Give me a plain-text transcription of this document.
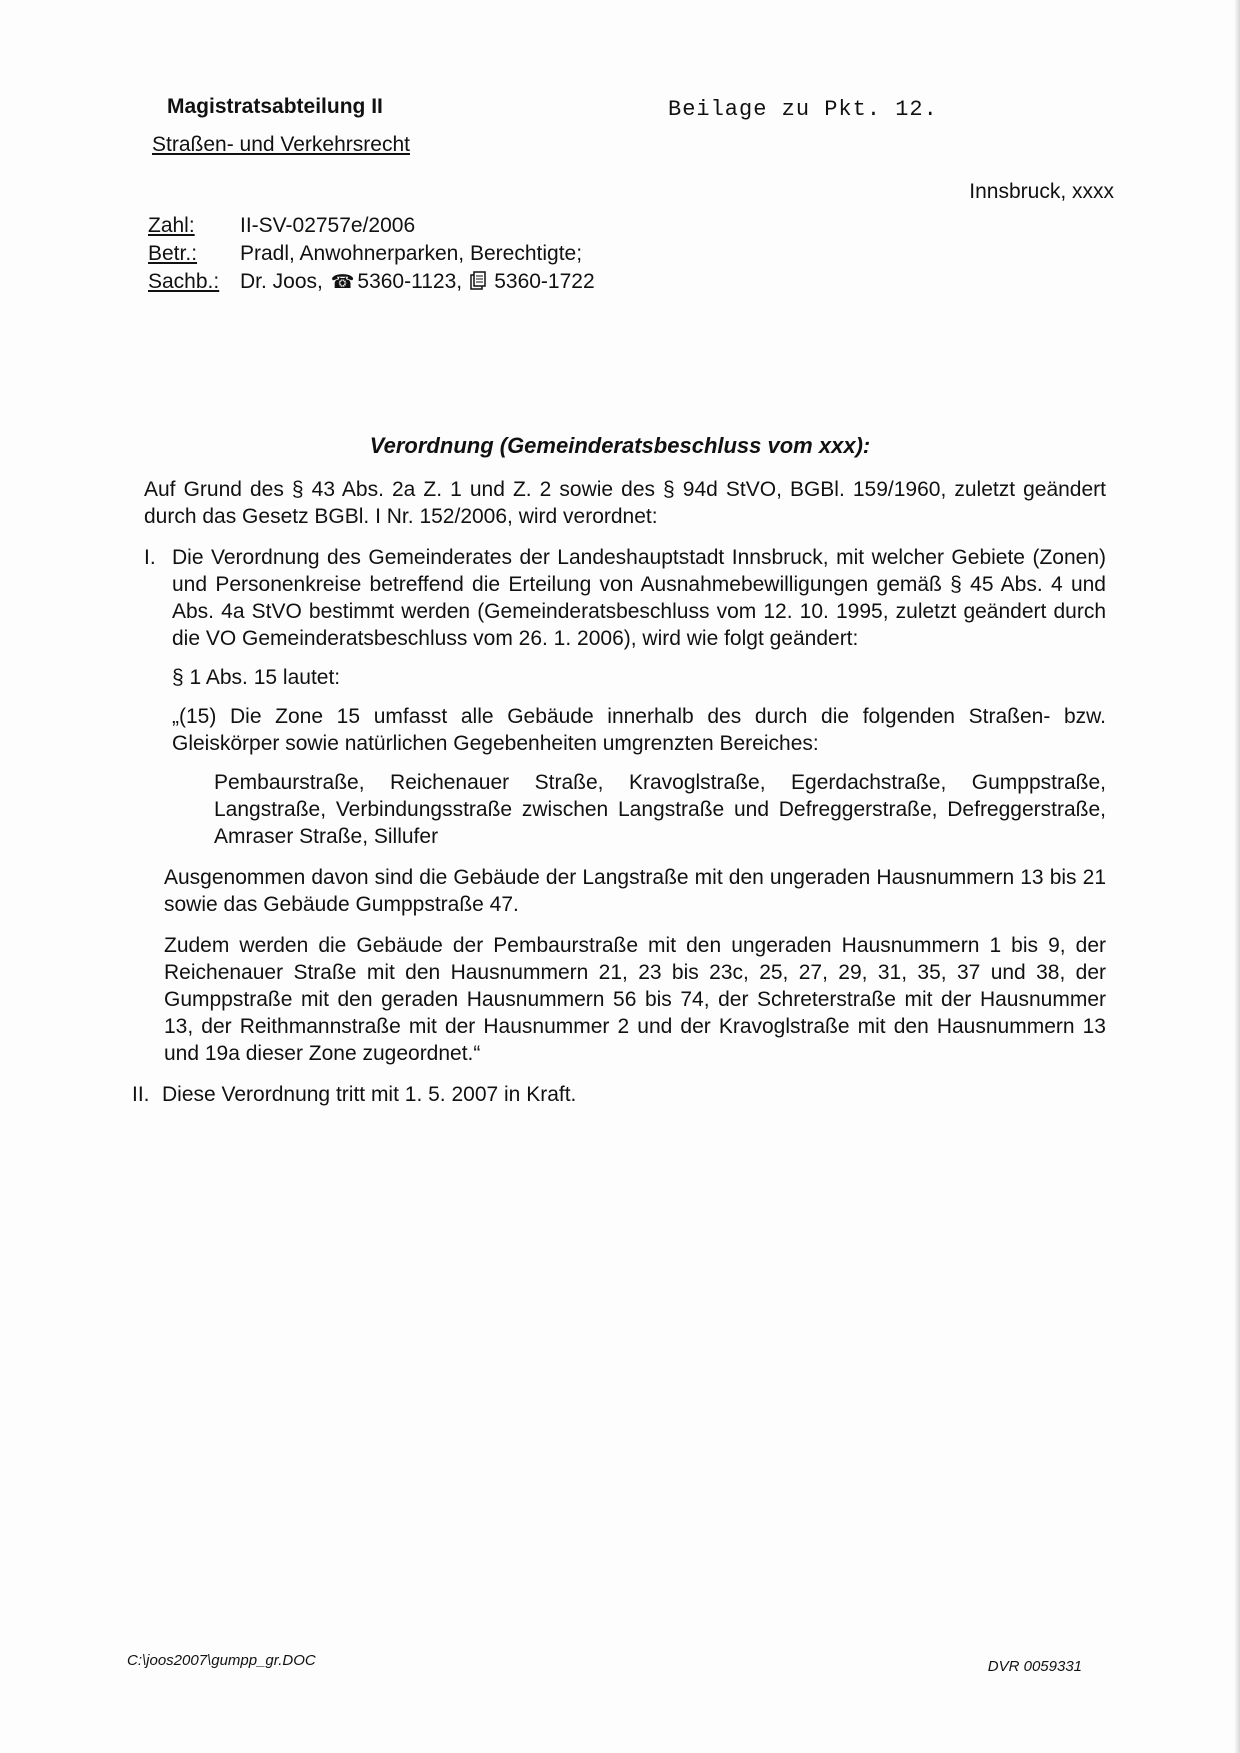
Magistratsabteilung II
Straßen- und Verkehrsrecht
Beilage zu Pkt. 12.
Innsbruck, xxxx
Zahl:	II-SV-02757e/2006
Betr.:	Pradl, Anwohnerparken, Berechtigte;
Sachb.: Dr. Joos, ☎ 5360-1123, 5360-1722
Verordnung (Gemeinderatsbeschluss vom xxx):

Auf Grund des § 43 Abs. 2a Z. 1 und Z. 2 sowie des § 94d StVO, BGBl. 159/1960, zuletzt geändert durch das Gesetz BGBl. I Nr. 152/2006, wird verordnet:

I. Die Verordnung des Gemeinderates der Landeshauptstadt Innsbruck, mit welcher Gebiete (Zonen) und Personenkreise betreffend die Erteilung von Ausnahmebewilligungen gemäß § 45 Abs. 4 und Abs. 4a StVO bestimmt werden (Gemeinderatsbeschluss vom 12. 10. 1995, zuletzt geändert durch die VO Gemeinderatsbeschluss vom 26. 1. 2006), wird wie folgt geändert:

§ 1 Abs. 15 lautet:

„(15) Die Zone 15 umfasst alle Gebäude innerhalb des durch die folgenden Straßen- bzw. Gleiskörper sowie natürlichen Gegebenheiten umgrenzten Bereiches:

Pembaurstraße, Reichenauer Straße, Kravoglstraße, Egerdachstraße, Gumppstraße, Langstraße, Verbindungsstraße zwischen Langstraße und Defreggerstraße, Defreggerstraße, Amraser Straße, Sillufer

Ausgenommen davon sind die Gebäude der Langstraße mit den ungeraden Hausnummern 13 bis 21 sowie das Gebäude Gumppstraße 47.

Zudem werden die Gebäude der Pembaurstraße mit den ungeraden Hausnummern 1 bis 9, der Reichenauer Straße mit den Hausnummern 21, 23 bis 23c, 25, 27, 29, 31, 35, 37 und 38, der Gumppstraße mit den geraden Hausnummern 56 bis 74, der Schreterstraße mit der Hausnummer 13, der Reithmannstraße mit der Hausnummer 2 und der Kravoglstraße mit den Hausnummern 13 und 19a dieser Zone zugeordnet.“

II. Diese Verordnung tritt mit 1. 5. 2007 in Kraft.

C:\joos2007\gumpp_gr.DOC	DVR 0059331
